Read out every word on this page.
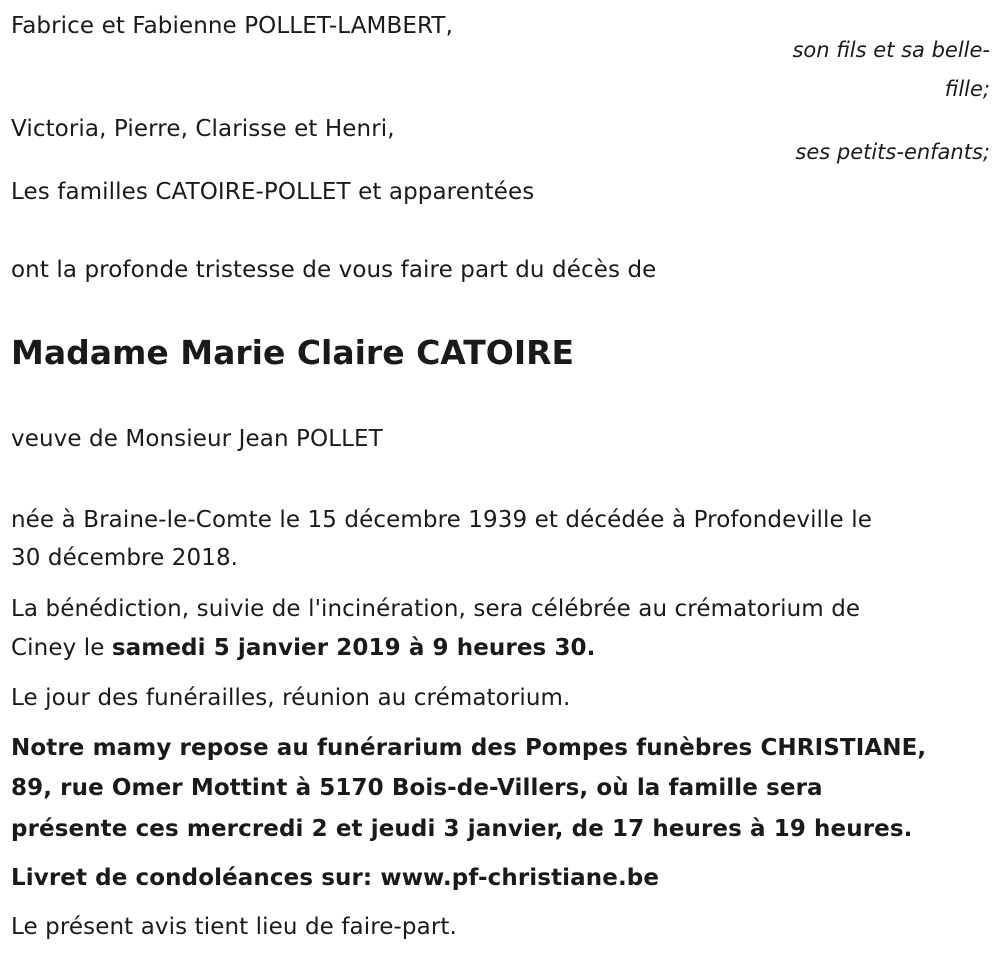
Fabrice et Fabienne POLLET-LAMBERT,
son fils et sa belle-
fille;
Victoria, Pierre, Clarisse et Henri,
ses petits-enfants;
Les familles CATOIRE-POLLET et apparentées
ont la profonde tristesse de vous faire part du décès de
Madame Marie Claire CATOIRE
veuve de Monsieur Jean POLLET
née à Braine-le-Comte le 15 décembre 1939 et décédée à Profondeville le
30 décembre 2018.
La bénédiction, suivie de l'incinération, sera célébrée au crématorium de
Ciney le samedi 5 janvier 2019 à 9 heures 30.
Le jour des funérailles, réunion au crématorium.
Notre mamy repose au funérarium des Pompes funèbres CHRISTIANE,
89, rue Omer Mottint à 5170 Bois-de-Villers, où la famille sera
présente ces mercredi 2 et jeudi 3 janvier, de 17 heures à 19 heures.
Livret de condoléances sur: www.pf-christiane.be
Le présent avis tient lieu de faire-part.
